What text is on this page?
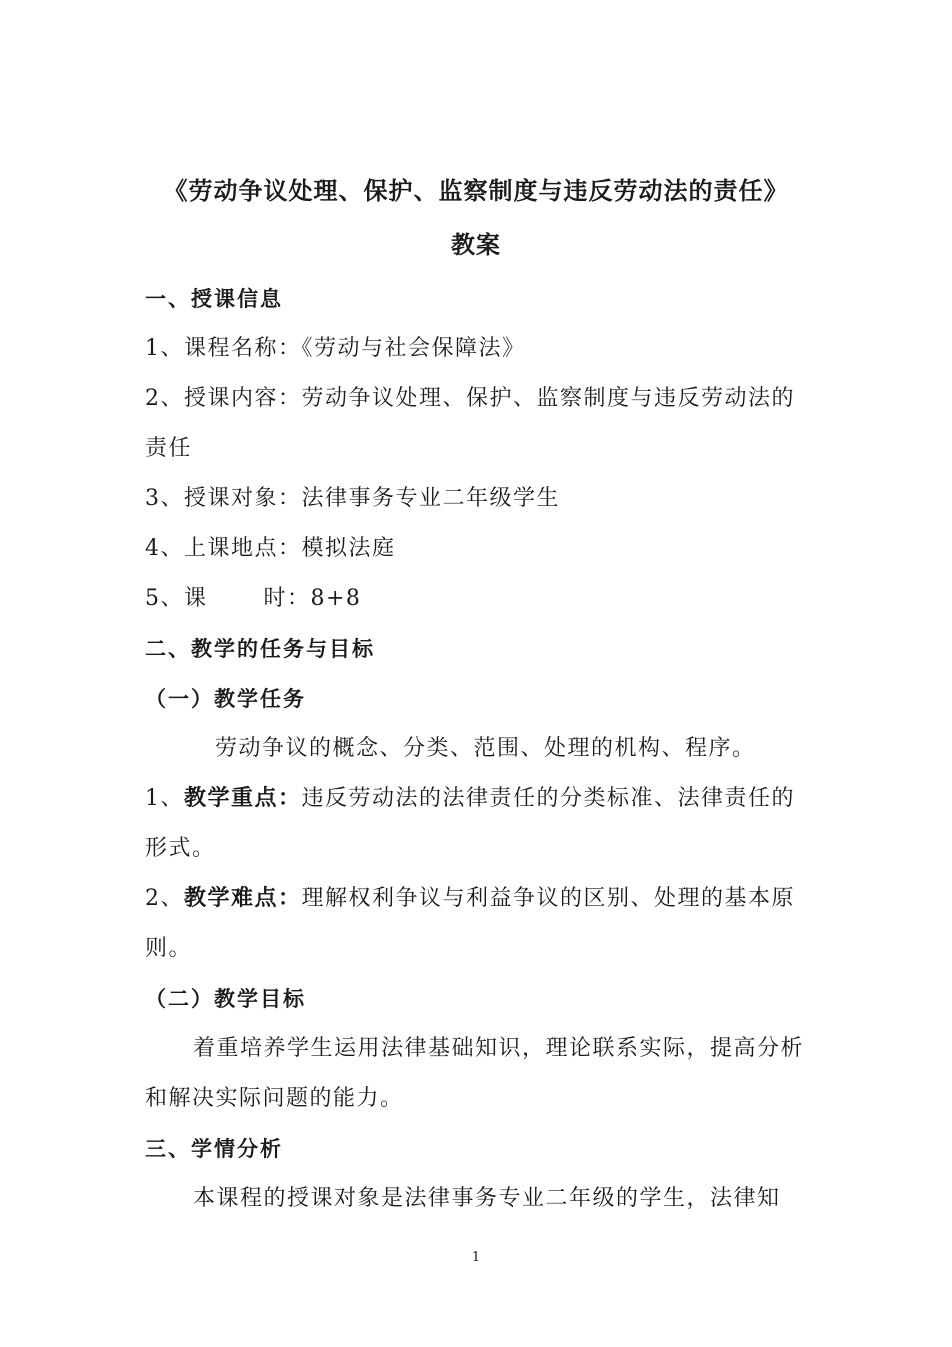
《劳动争议处理、保护、监察制度与违反劳动法的责任》
教案

一、授课信息

1、课程名称：《劳动与社会保障法》

2、授课内容：劳动争议处理、保护、监察制度与违反劳动法的责任

3、授课对象：法律事务专业二年级学生

4、上课地点：模拟法庭

5、课	时：8+8

二、教学的任务与目标

（一）教学任务

劳动争议的概念、分类、范围、处理的机构、程序。

1、教学重点：违反劳动法的法律责任的分类标准、法律责任的形式。

2、教学难点：理解权利争议与利益争议的区别、处理的基本原则。

（二）教学目标

着重培养学生运用法律基础知识，理论联系实际，提高分析和解决实际问题的能力。

三、学情分析

本课程的授课对象是法律事务专业二年级的学生，法律知

1
